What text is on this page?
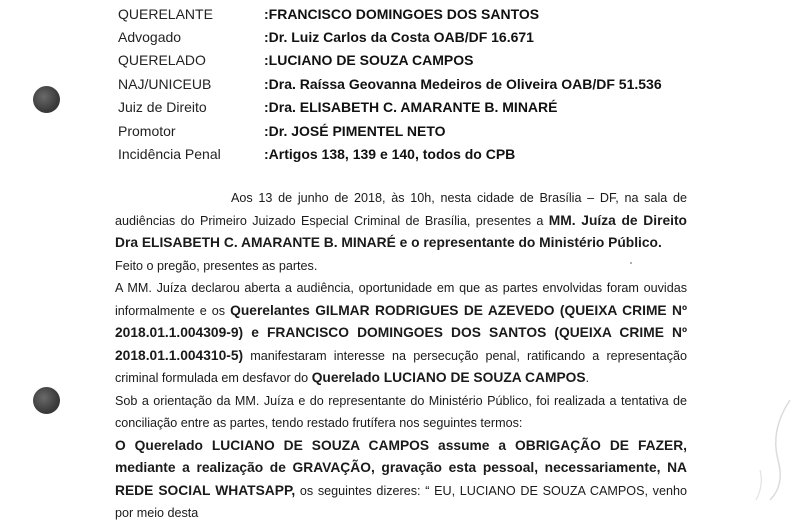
QUERELANTE	:FRANCISCO DOMINGOES DOS SANTOS
Advogado	:Dr. Luiz Carlos da Costa OAB/DF 16.671
QUERELADO	:LUCIANO DE SOUZA CAMPOS
NAJ/UNICEUB	:Dra. Raíssa Geovanna Medeiros de Oliveira OAB/DF 51.536
Juiz de Direito	:Dra. ELISABETH C. AMARANTE B. MINARÉ
Promotor	:Dr. JOSÉ PIMENTEL NETO
Incidência Penal	:Artigos 138, 139 e 140, todos do CPB

Aos 13 de junho de 2018, às 10h, nesta cidade de Brasília – DF, na sala de audiências do Primeiro Juizado Especial Criminal de Brasília, presentes a MM. Juíza de Direito Dra ELISABETH C. AMARANTE B. MINARÉ e o representante do Ministério Público.

Feito o pregão, presentes as partes.

A MM. Juíza declarou aberta a audiência, oportunidade em que as partes envolvidas foram ouvidas informalmente e os Querelantes GILMAR RODRIGUES DE AZEVEDO (QUEIXA CRIME Nº 2018.01.1.004309-9) e FRANCISCO DOMINGOES DOS SANTOS (QUEIXA CRIME Nº 2018.01.1.004310-5) manifestaram interesse na persecução penal, ratificando a representação criminal formulada em desfavor do Querelado LUCIANO DE SOUZA CAMPOS.

Sob a orientação da MM. Juíza e do representante do Ministério Público, foi realizada a tentativa de conciliação entre as partes, tendo restado frutífera nos seguintes termos:

O Querelado LUCIANO DE SOUZA CAMPOS assume a OBRIGAÇÃO DE FAZER, mediante a realização de GRAVAÇÃO, gravação esta pessoal, necessariamente, NA REDE SOCIAL WHATSAPP, os seguintes dizeres: “ EU, LUCIANO DE SOUZA CAMPOS, venho por meio desta
